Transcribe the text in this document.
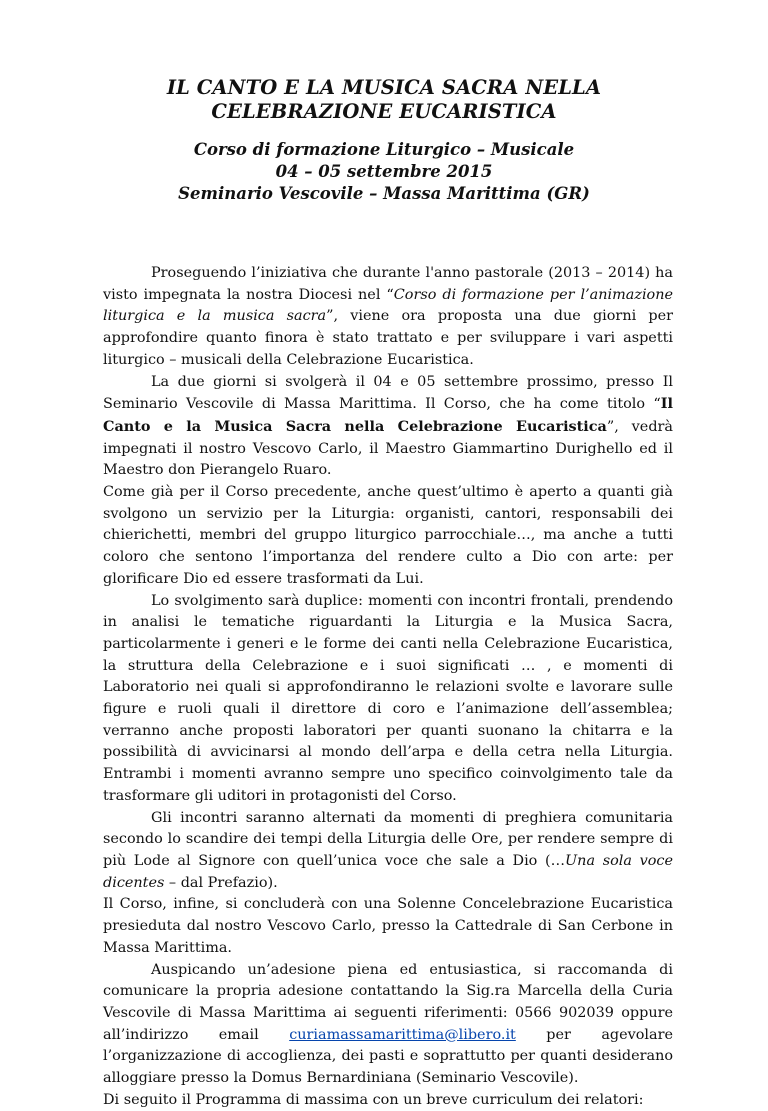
IL CANTO E LA MUSICA SACRA NELLA
CELEBRAZIONE EUCARISTICA
Corso di formazione Liturgico – Musicale
04 – 05 settembre 2015
Seminario Vescovile – Massa Marittima (GR)

Proseguendo l’iniziativa che durante l'anno pastorale (2013 – 2014) ha visto impegnata la nostra Diocesi nel “Corso di formazione per l’animazione liturgica e la musica sacra”, viene ora proposta una due giorni per approfondire quanto finora è stato trattato e per sviluppare i vari aspetti liturgico – musicali della Celebrazione Eucaristica.

La due giorni si svolgerà il 04 e 05 settembre prossimo, presso Il Seminario Vescovile di Massa Marittima. Il Corso, che ha come titolo “Il Canto e la Musica Sacra nella Celebrazione Eucaristica”, vedrà impegnati il nostro Vescovo Carlo, il Maestro Giammartino Durighello ed il Maestro don Pierangelo Ruaro.

Come già per il Corso precedente, anche quest’ultimo è aperto a quanti già svolgono un servizio per la Liturgia: organisti, cantori, responsabili dei chierichetti, membri del gruppo liturgico parrocchiale…, ma anche a tutti coloro che sentono l’importanza del rendere culto a Dio con arte: per glorificare Dio ed essere trasformati da Lui.

Lo svolgimento sarà duplice: momenti con incontri frontali, prendendo in analisi le tematiche riguardanti la Liturgia e la Musica Sacra, particolarmente i generi e le forme dei canti nella Celebrazione Eucaristica, la struttura della Celebrazione e i suoi significati … , e momenti di Laboratorio nei quali si approfondiranno le relazioni svolte e lavorare sulle figure e ruoli quali il direttore di coro e l’animazione dell’assemblea; verranno anche proposti laboratori per quanti suonano la chitarra e la possibilità di avvicinarsi al mondo dell’arpa e della cetra nella Liturgia. Entrambi i momenti avranno sempre uno specifico coinvolgimento tale da trasformare gli uditori in protagonisti del Corso.

Gli incontri saranno alternati da momenti di preghiera comunitaria secondo lo scandire dei tempi della Liturgia delle Ore, per rendere sempre di più Lode al Signore con quell’unica voce che sale a Dio (…Una sola voce dicentes – dal Prefazio).

Il Corso, infine, si concluderà con una Solenne Concelebrazione Eucaristica presieduta dal nostro Vescovo Carlo, presso la Cattedrale di San Cerbone in Massa Marittima.

Auspicando un’adesione piena ed entusiastica, si raccomanda di comunicare la propria adesione contattando la Sig.ra Marcella della Curia Vescovile di Massa Marittima ai seguenti riferimenti: 0566 902039 oppure all’indirizzo email curiamassamarittima@libero.it per agevolare l’organizzazione di accoglienza, dei pasti e soprattutto per quanti desiderano alloggiare presso la Domus Bernardiniana (Seminario Vescovile).

Di seguito il Programma di massima con un breve curriculum dei relatori:
